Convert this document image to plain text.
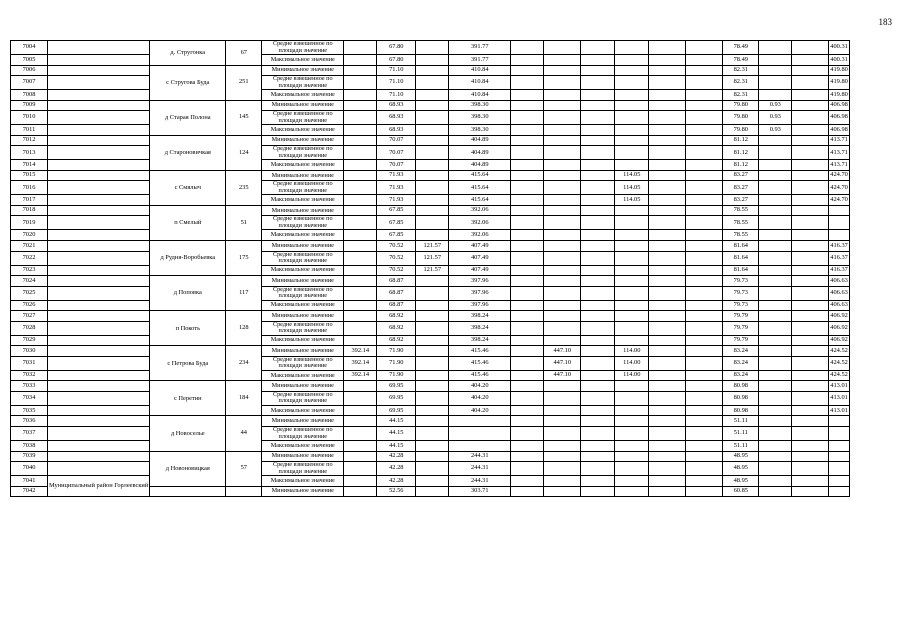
183
7004		д. Стругонка	67	Средне взвешенное по площади значение		67.80		391.77							78.49			400.31
7005				Максимальное значение		67.80		391.77							78.49			400.31
7006		с Стругова Буда	251	Минимальное значение		71.10		410.84							82.31			419.80
7007				Средне взвешенное по площади значение		71.10		410.84							82.31			419.80
7008				Максимальное значение		71.10		410.84							82.31			419.80
7009		д Старая Полона	145	Минимальное значение		68.93		398.30							79.80	0.93		406.98
7010				Средне взвешенное по площади значение		68.93		398.30							79.80	0.93		406.98
7011				Максимальное значение		68.93		398.30							79.80	0.93		406.98
7012		д Староновичкая	124	Минимальное значение		70.07		404.89							81.12			413.71
7013				Средне взвешенное по площади значение		70.07		404.89							81.12			413.71
7014				Максимальное значение		70.07		404.89							81.12			413.71
7015		с Смялыч	235	Минимальное значение		71.93		415.64				114.05			83.27			424.70
7016				Средне взвешенное по площади значение		71.93		415.64				114.05			83.27			424.70
7017				Максимальное значение		71.93		415.64				114.05			83.27			424.70
7018		п Смелый	51	Минимальное значение		67.85		392.06							78.55			
7019				Средне взвешенное по площади значение		67.85		392.06							78.55			
7020				Максимальное значение		67.85		392.06							78.55			
7021		д Рудня-Воробьевка	175	Минимальное значение		70.52	121.57	407.49							81.64			416.37
7022				Средне взвешенное по площади значение		70.52	121.57	407.49							81.64			416.37
7023				Максимальное значение		70.52	121.57	407.49							81.64			416.37
7024		д Поповка	117	Минимальное значение		68.87		397.96							79.73			406.63
7025				Средне взвешенное по площади значение		68.87		397.96							79.73			406.63
7026				Максимальное значение		68.87		397.96							79.73			406.63
7027		п Покоть	128	Минимальное значение		68.92		398.24							79.79			406.92
7028				Средне взвешенное по площади значение		68.92		398.24							79.79			406.92
7029				Максимальное значение		68.92		398.24							79.79			406.92
7030		с Петрова Буда	234	Минимальное значение	392.14	71.90		415.46		447.10		114.00			83.24			424.52
7031				Средне взвешенное по площади значение	392.14	71.90		415.46		447.10		114.00			83.24			424.52
7032				Максимальное значение	392.14	71.90		415.46		447.10		114.00			83.24			424.52
7033		с Перетин	184	Минимальное значение		69.95		404.20							80.98			413.01
7034				Средне взвешенное по площади значение		69.95		404.20							80.98			413.01
7035				Максимальное значение		69.95		404.20							80.98			413.01
7036		д Новоселье	44	Минимальное значение		44.15									51.11			
7037				Средне взвешенное по площади значение		44.15									51.11			
7038				Максимальное значение		44.15									51.11			
7039		д Новоновицкая	57	Минимальное значение		42.28		244.31							48.95			
7040				Средне взвешенное по площади значение		42.28		244.31							48.95			
7041	Муниципальный район Горлеевский			Максимальное значение		42.28		244.31							48.95			
7042				Минимальное значение		52.56		303.71							60.85			
